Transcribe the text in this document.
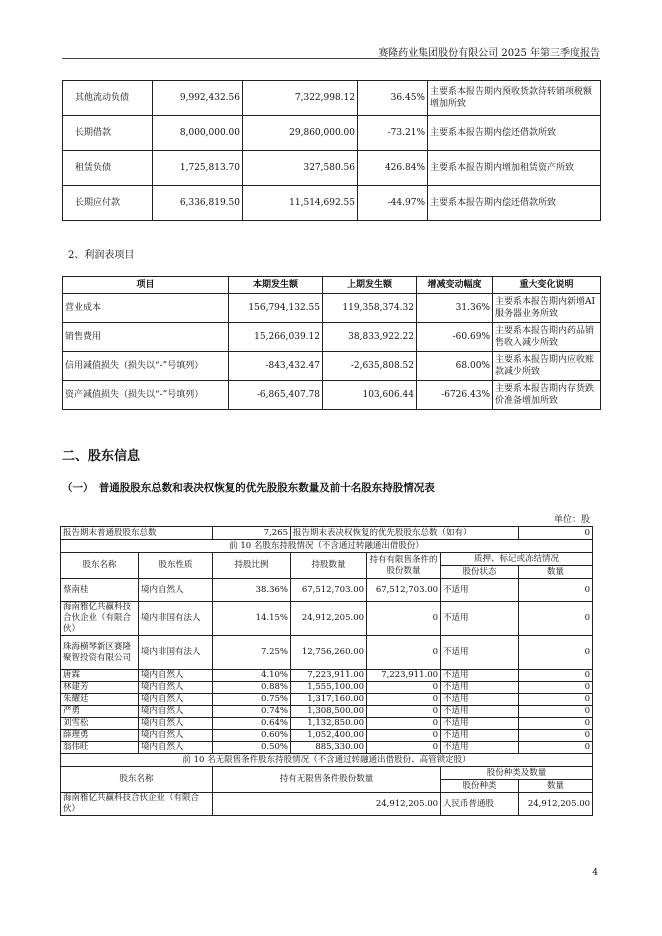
赛隆药业集团股份有限公司 2025 年第三季度报告
其他流动负债	9,992,432.56	7,322,998.12	36.45%	主要系本报告期内预收货款待转销项税额增加所致
长期借款	8,000,000.00	29,860,000.00	-73.21%	主要系本报告期内偿还借款所致
租赁负债	1,725,813.70	327,580.56	426.84%	主要系本报告期内增加租赁资产所致
长期应付款	6,336,819.50	11,514,692.55	-44.97%	主要系本报告期内偿还借款所致
2、利润表项目
项目	本期发生额	上期发生额	增减变动幅度	重大变化说明
营业成本	156,794,132.55	119,358,374.32	31.36%	主要系本报告期内新增AI服务器业务所致
销售费用	15,266,039.12	38,833,922.22	-60.69%	主要系本报告期内药品销售收入减少所致
信用减值损失（损失以“-”号填列）	-843,432.47	-2,635,808.52	68.00%	主要系本报告期内应收账款减少所致
资产减值损失（损失以“-”号填列）	-6,865,407.78	103,606.44	-6726.43%	主要系本报告期内存货跌价准备增加所致
二、股东信息
（一）　普通股股东总数和表决权恢复的优先股股东数量及前十名股东持股情况表
单位：股
报告期末普通股股东总数		7,265	报告期末表决权恢复的优先股股东总数（如有）			0
前 10 名股东持股情况（不含通过转融通出借股份）						
股东名称	股东性质	持股比例	持股数量	持有有限售条件的股份数量	质押、标记或冻结情况	
					股份状态	数量
蔡南桂	境内自然人	38.36%	67,512,703.00	67,512,703.00	不适用	0
海南雅亿共赢科技合伙企业（有限合伙）	境内非国有法人	14.15%	24,912,205.00	0	不适用	0
珠海横琴新区赛隆聚智投资有限公司	境内非国有法人	7.25%	12,756,260.00	0	不适用	0
唐霖	境内自然人	4.10%	7,223,911.00	7,223,911.00	不适用	0
林建芳	境内自然人	0.88%	1,555,100.00	0	不适用	0
朱耀廷	境内自然人	0.75%	1,317,160.00	0	不适用	0
严勇	境内自然人	0.74%	1,308,500.00	0	不适用	0
刘雪松	境内自然人	0.64%	1,132,850.00	0	不适用	0
薛理勇	境内自然人	0.60%	1,052,400.00	0	不适用	0
翁伟旺	境内自然人	0.50%	885,330.00	0	不适用	0
前 10 名无限售条件股东持股情况（不含通过转融通出借股份、高管锁定股）						
股东名称		持有无限售条件股份数量			股份种类及数量	
					股份种类	数量
海南雅亿共赢科技合伙企业（有限合伙）		24,912,205.00			人民币普通股	24,912,205.00
4
